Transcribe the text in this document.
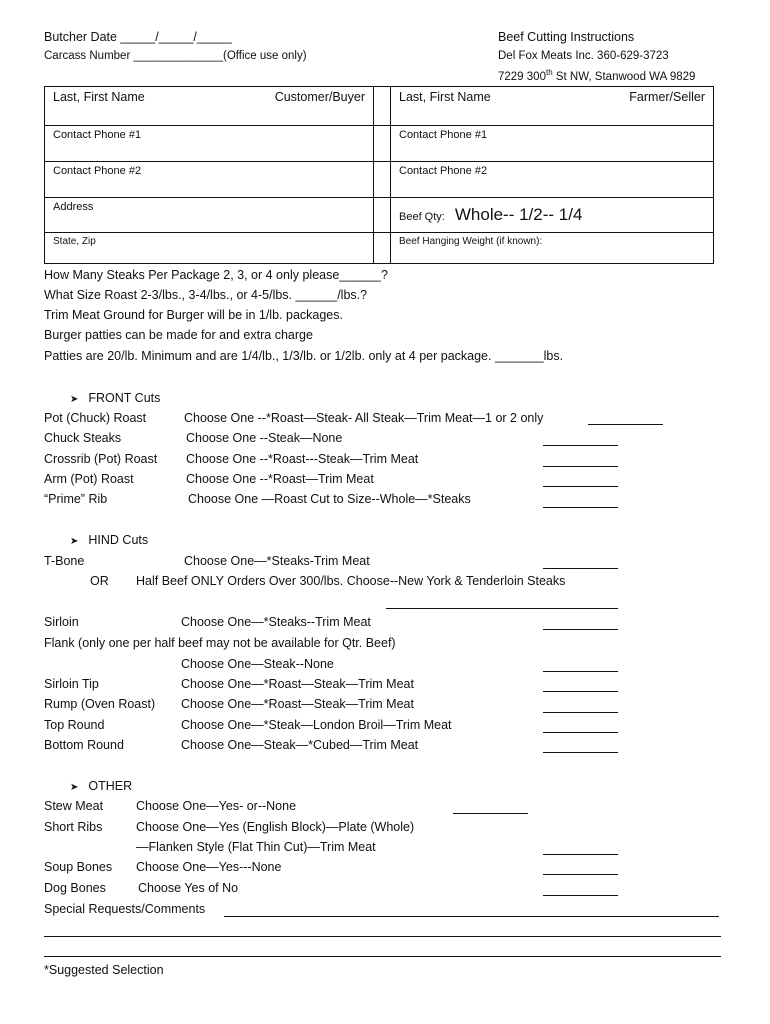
Butcher Date _____/_____/_____
Carcass Number ______________(Office use only)
Beef Cutting Instructions
Del Fox Meats Inc. 360-629-3723
7229 300th St NW, Stanwood WA 9829
Last, First Name Customer/Buyer		Last, First Name Farmer/Seller

Contact Phone #1		Contact Phone #1

Contact Phone #2		Contact Phone #2

Address		Beef Qty: Whole-- 1/2-- 1/4

State, Zip		Beef Hanging Weight (if known):
How Many Steaks Per Package 2, 3, or 4 only please______?
What Size Roast 2-3/lbs., 3-4/lbs., or 4-5/lbs. ______/lbs.?
Trim Meat Ground for Burger will be in 1/lb. packages.
Burger patties can be made for and extra charge
Patties are 20/lb. Minimum and are 1/4/lb., 1/3/lb. or 1/2lb. only at 4 per package. _______lbs.
➤ FRONT Cuts
Pot (Chuck) Roast	Choose One --*Roast—Steak- All Steak—Trim Meat—1 or 2 only
Chuck Steaks	Choose One --Steak—None
Crossrib (Pot) Roast Choose One --*Roast---Steak—Trim Meat
Arm (Pot) Roast	Choose One --*Roast—Trim Meat
“Prime” Rib	Choose One —Roast Cut to Size--Whole—*Steaks
➤ HIND Cuts
T-Bone	Choose One—*Steaks-Trim Meat
OR Half Beef ONLY Orders Over 300/lbs. Choose--New York & Tenderloin Steaks
Sirloin	Choose One—*Steaks--Trim Meat
Flank (only one per half beef may not be available for Qtr. Beef)
Choose One—Steak--None
Sirloin Tip	Choose One—*Roast—Steak—Trim Meat
Rump (Oven Roast) Choose One—*Roast—Steak—Trim Meat
Top Round	Choose One—*Steak—London Broil—Trim Meat
Bottom Round	Choose One—Steak—*Cubed—Trim Meat
➤ OTHER
Stew Meat	Choose One—Yes- or--None
Short Ribs	Choose One—Yes (English Block)—Plate (Whole)
—Flanken Style (Flat Thin Cut)—Trim Meat
Soup Bones Choose One—Yes---None
Dog Bones	Choose Yes of No
Special Requests/Comments
*Suggested Selection
